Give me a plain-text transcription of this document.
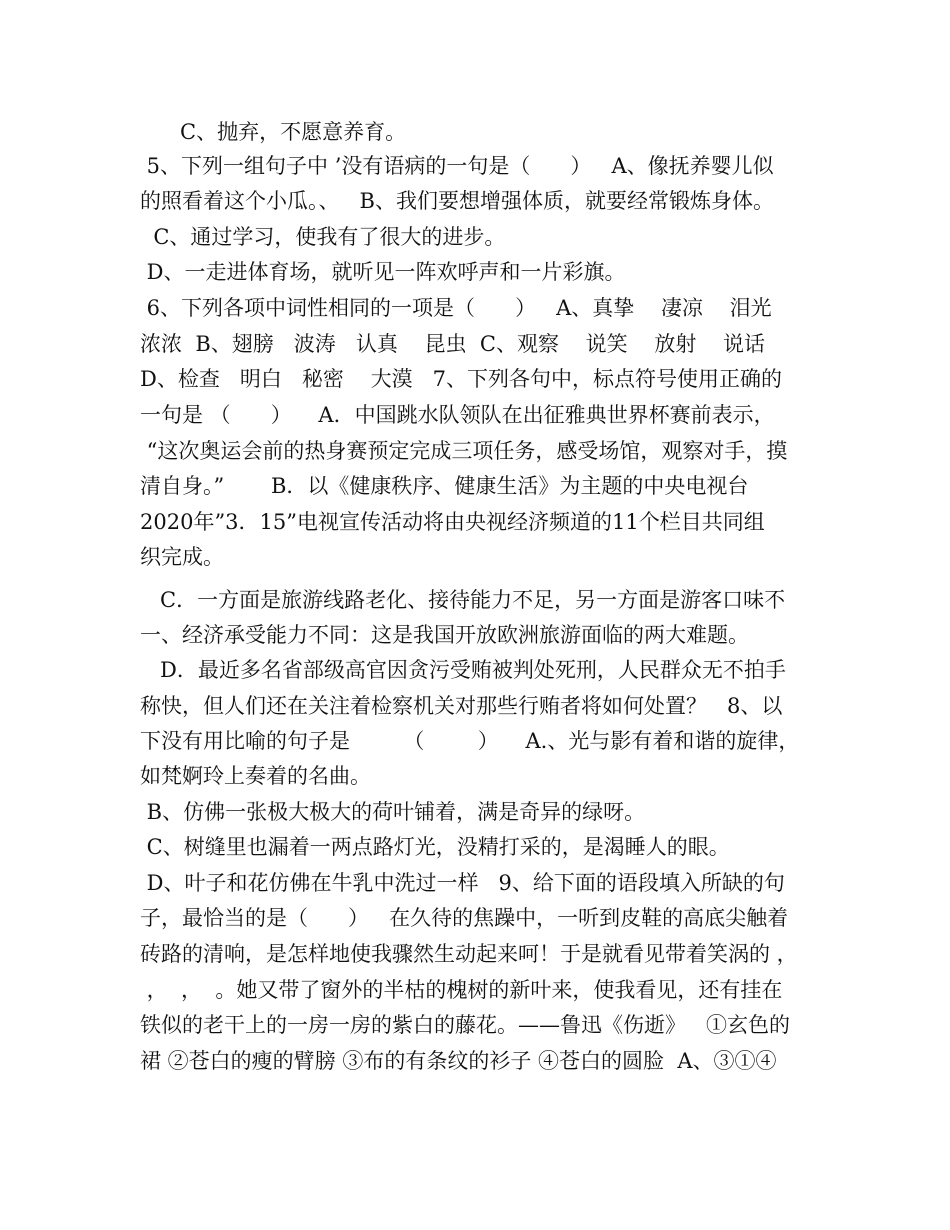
C、抛弃，不愿意养育。
5、下列一组句子中 ’没有语病的一句是（      ）   A、像抚养婴儿似
的照看着这个小瓜。、   B、我们要想增强体质，就要经常锻炼身体。
C、通过学习，使我有了很大的进步。
D、一走进体育场，就听见一阵欢呼声和一片彩旗。
6、下列各项中词性相同的一项是（      ）   A、真挚    凄凉    泪光
浓浓  B、翅膀   波涛   认真    昆虫  C、观察    说笑    放射    说话
D、检查   明白   秘密    大漠   7、下列各句中，标点符号使用正确的
一句是 （      ）    A．中国跳水队领队在出征雅典世界杯赛前表示，
“这次奥运会前的热身赛预定完成三项任务，感受场馆，观察对手，摸
清自身。”       B．以《健康秩序、健康生活》为主题的中央电视台
2020年”3．15”电视宣传活动将由央视经济频道的11个栏目共同组
织完成。
C．一方面是旅游线路老化、接待能力不足，另一方面是游客口味不
一、经济承受能力不同：这是我国开放欧洲旅游面临的两大难题。
D．最近多名省部级高官因贪污受贿被判处死刑，人民群众无不拍手
称快，但人们还在关注着检察机关对那些行贿者将如何处置？   8、以
下没有用比喻的句子是        （        ）    A.、光与影有着和谐的旋律，
如梵婀玲上奏着的名曲。
B、仿佛一张极大极大的荷叶铺着，满是奇异的绿呀。
C、树缝里也漏着一两点路灯光，没精打采的，是渴睡人的眼。
D、叶子和花仿佛在牛乳中洗过一样   9、给下面的语段填入所缺的句
子，最恰当的是（      ）   在久待的焦躁中，一听到皮鞋的高底尖触着
砖路的清响，是怎样地使我骤然生动起来呵！于是就看见带着笑涡的 ，
，  ，  。她又带了窗外的半枯的槐树的新叶来，使我看见，还有挂在
铁似的老干上的一房一房的紫白的藤花。——鲁迅《伤逝》   ①玄色的
裙 ②苍白的瘦的臂膀 ③布的有条纹的衫子 ④苍白的圆脸  A、③①④
